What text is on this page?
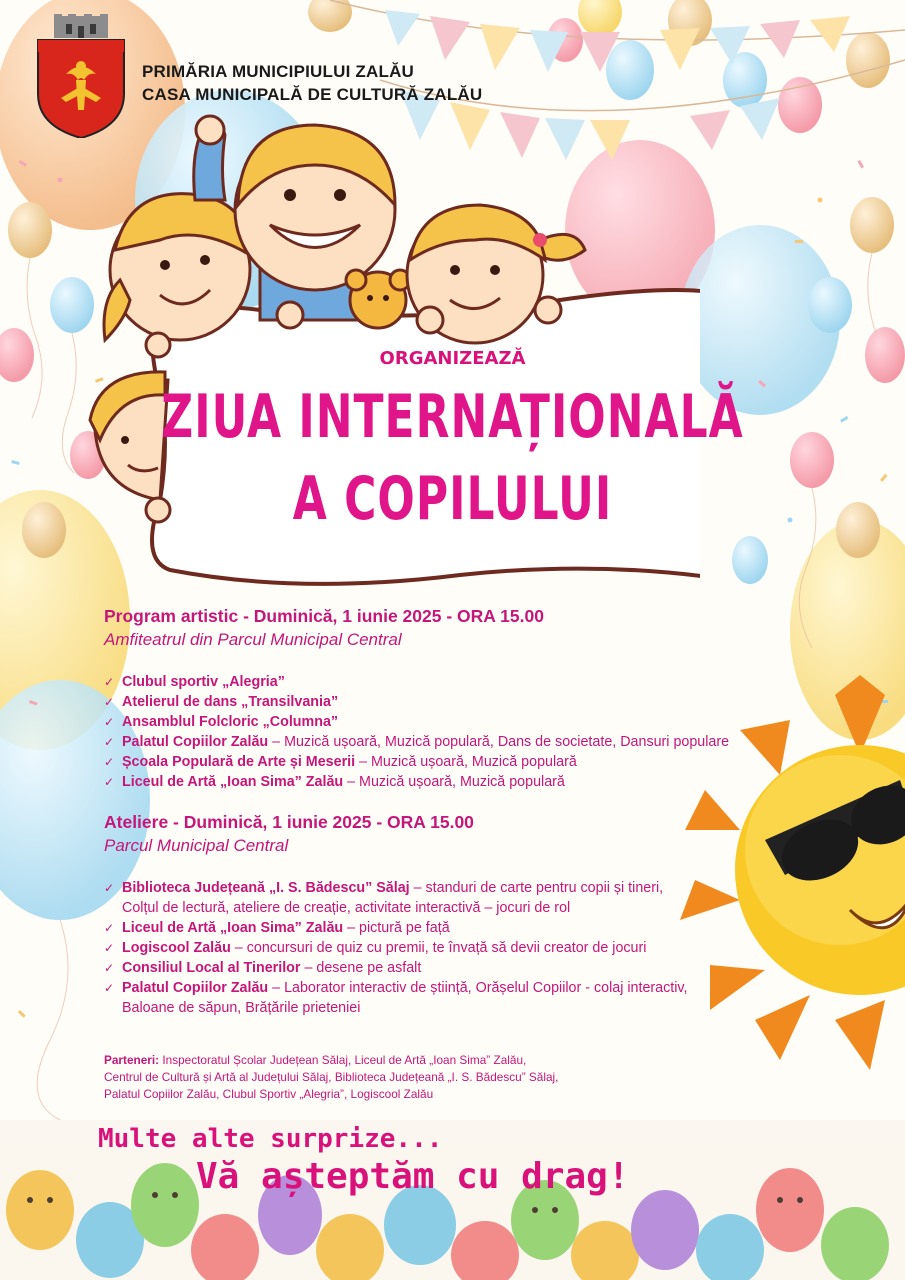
PRIMĂRIA MUNICIPIULUI ZALĂU
CASA MUNICIPALĂ DE CULTURĂ ZALĂU
ORGANIZEAZĂ
ZIUA INTERNAȚIONALĂ
A COPILULUI
Program artistic - Duminică, 1 iunie 2025 - ORA 15.00
Amfiteatrul din Parcul Municipal Central
✓ Clubul sportiv „Alegria”
✓ Atelierul de dans „Transilvania”
✓ Ansamblul Folcloric „Columna”
✓ Palatul Copiilor Zalău – Muzică ușoară, Muzică populară, Dans de societate, Dansuri populare
✓ Școala Populară de Arte și Meserii – Muzică ușoară, Muzică populară
✓ Liceul de Artă „Ioan Sima” Zalău – Muzică ușoară, Muzică populară
Ateliere - Duminică, 1 iunie 2025 - ORA 15.00
Parcul Municipal Central
✓ Biblioteca Județeană „I. S. Bădescu” Sălaj – standuri de carte pentru copii și tineri,
Colțul de lectură, ateliere de creație, activitate interactivă – jocuri de rol
✓ Liceul de Artă „Ioan Sima” Zalău – pictură pe față
✓ Logiscool Zalău – concursuri de quiz cu premii, te învață să devii creator de jocuri
✓ Consiliul Local al Tinerilor – desene pe asfalt
✓ Palatul Copiilor Zalău – Laborator interactiv de știință, Orășelul Copiilor - colaj interactiv,
Baloane de săpun, Brățările prieteniei
Parteneri: Inspectoratul Școlar Județean Sălaj, Liceul de Artă „Ioan Sima” Zalău,
Centrul de Cultură și Artă al Județului Sălaj, Biblioteca Județeană „I. S. Bădescu” Sălaj,
Palatul Copiilor Zalău, Clubul Sportiv „Alegria”, Logiscool Zalău
Multe alte surprize...
Vă așteptăm cu drag!
